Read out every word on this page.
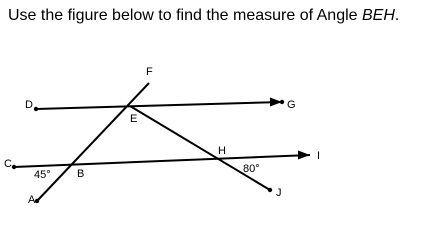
Use the figure below to find the measure of Angle BEH.
D	G
C
I
F
E
B
A
H
J
45°	80°
